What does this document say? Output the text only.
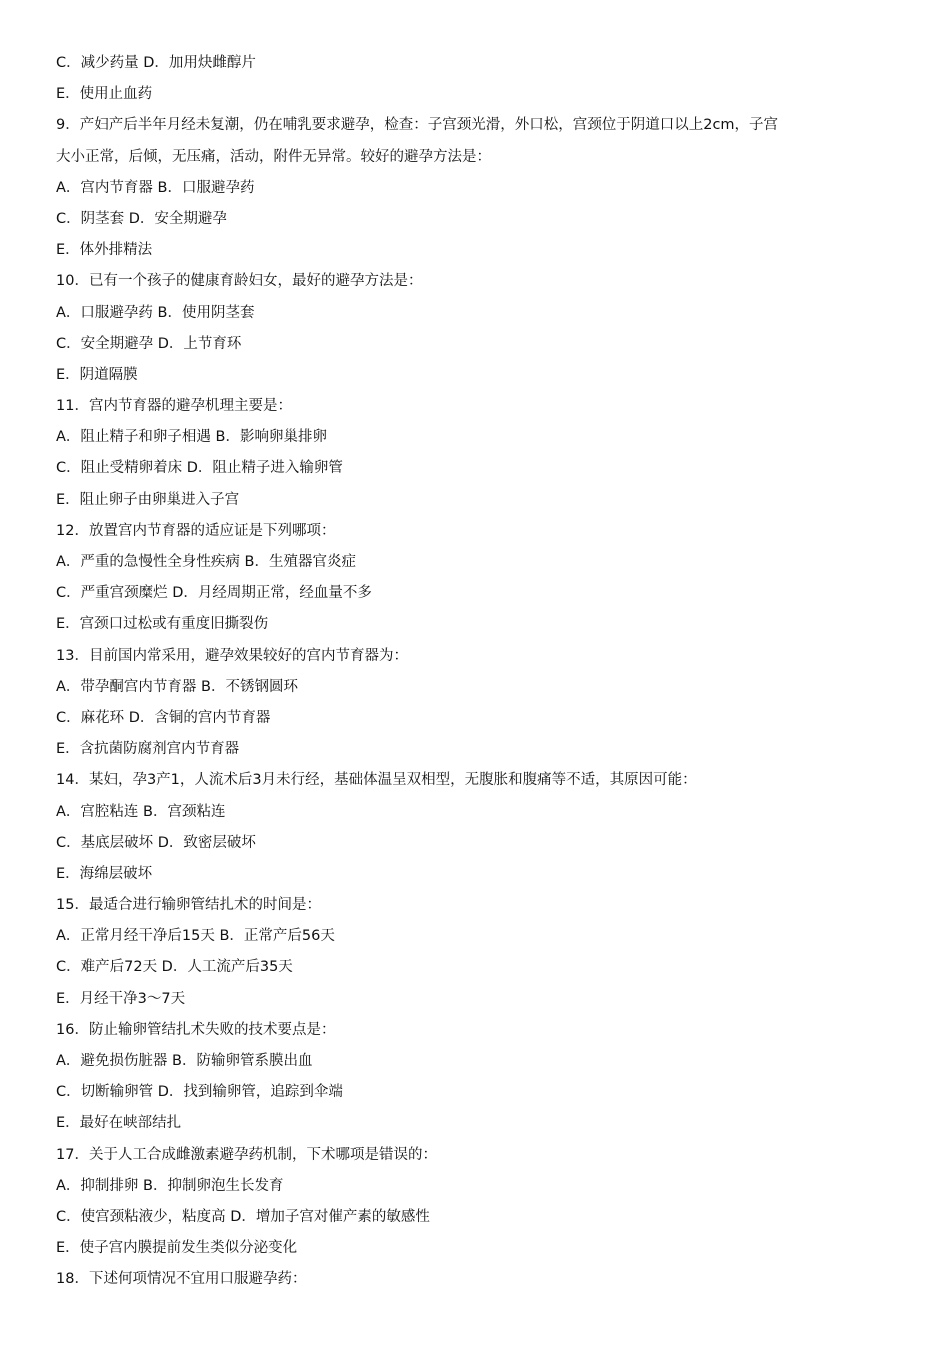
C．减少药量 D．加用炔雌醇片
E．使用止血药
9．产妇产后半年月经未复潮，仍在哺乳要求避孕，检查：子宫颈光滑，外口松，宫颈位于阴道口以上2cm，子宫
大小正常，后倾，无压痛，活动，附件无异常。较好的避孕方法是：
A．宫内节育器 B．口服避孕药
C．阴茎套 D．安全期避孕
E．体外排精法
10．已有一个孩子的健康育龄妇女，最好的避孕方法是：
A．口服避孕药 B．使用阴茎套
C．安全期避孕 D．上节育环
E．阴道隔膜
11．宫内节育器的避孕机理主要是：
A．阻止精子和卵子相遇 B．影响卵巢排卵
C．阻止受精卵着床 D．阻止精子进入输卵管
E．阻止卵子由卵巢进入子宫
12．放置宫内节育器的适应证是下列哪项：
A．严重的急慢性全身性疾病 B．生殖器官炎症
C．严重宫颈糜烂 D．月经周期正常，经血量不多
E．宫颈口过松或有重度旧撕裂伤
13．目前国内常采用，避孕效果较好的宫内节育器为：
A．带孕酮宫内节育器 B．不锈钢圆环
C．麻花环 D．含铜的宫内节育器
E．含抗菌防腐剂宫内节育器
14．某妇，孕3产1，人流术后3月未行经，基础体温呈双相型，无腹胀和腹痛等不适，其原因可能：
A．宫腔粘连 B．宫颈粘连
C．基底层破坏 D．致密层破坏
E．海绵层破坏
15．最适合进行输卵管结扎术的时间是：
A．正常月经干净后15天 B．正常产后56天
C．难产后72天 D．人工流产后35天
E．月经干净3～7天
16．防止输卵管结扎术失败的技术要点是：
A．避免损伤脏器 B．防输卵管系膜出血
C．切断输卵管 D．找到输卵管，追踪到伞端
E．最好在峡部结扎
17．关于人工合成雌激素避孕药机制，下术哪项是错误的：
A．抑制排卵 B．抑制卵泡生长发育
C．使宫颈粘液少，粘度高 D．增加子宫对催产素的敏感性
E．使子宫内膜提前发生类似分泌变化
18．下述何项情况不宜用口服避孕药：
